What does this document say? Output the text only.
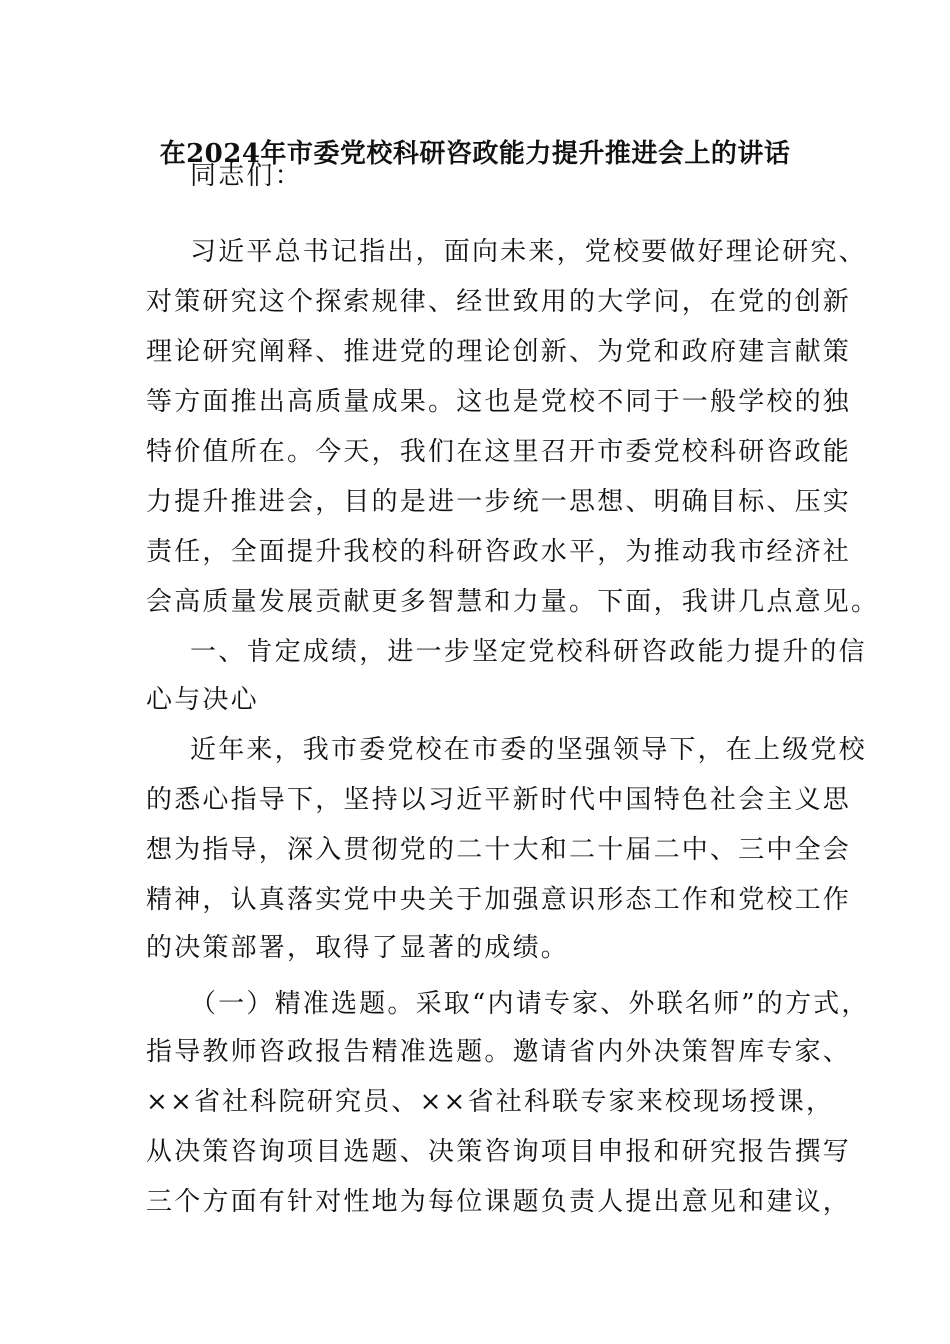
在2024年市委党校科研咨政能力提升推进会上的讲话
同志们：
习近平总书记指出，面向未来，党校要做好理论研究、
对策研究这个探索规律、经世致用的大学问，在党的创新
理论研究阐释、推进党的理论创新、为党和政府建言献策
等方面推出高质量成果。这也是党校不同于一般学校的独
特价值所在。今天，我们在这里召开市委党校科研咨政能
力提升推进会，目的是进一步统一思想、明确目标、压实
责任，全面提升我校的科研咨政水平，为推动我市经济社
会高质量发展贡献更多智慧和力量。下面，我讲几点意见。
一、肯定成绩，进一步坚定党校科研咨政能力提升的信
心与决心
近年来，我市委党校在市委的坚强领导下，在上级党校
的悉心指导下，坚持以习近平新时代中国特色社会主义思
想为指导，深入贯彻党的二十大和二十届二中、三中全会
精神，认真落实党中央关于加强意识形态工作和党校工作
的决策部署，取得了显著的成绩。
（一）精准选题。采取“内请专家、外联名师”的方式，
指导教师咨政报告精准选题。邀请省内外决策智库专家、
××省社科院研究员、××省社科联专家来校现场授课，
从决策咨询项目选题、决策咨询项目申报和研究报告撰写
三个方面有针对性地为每位课题负责人提出意见和建议，
